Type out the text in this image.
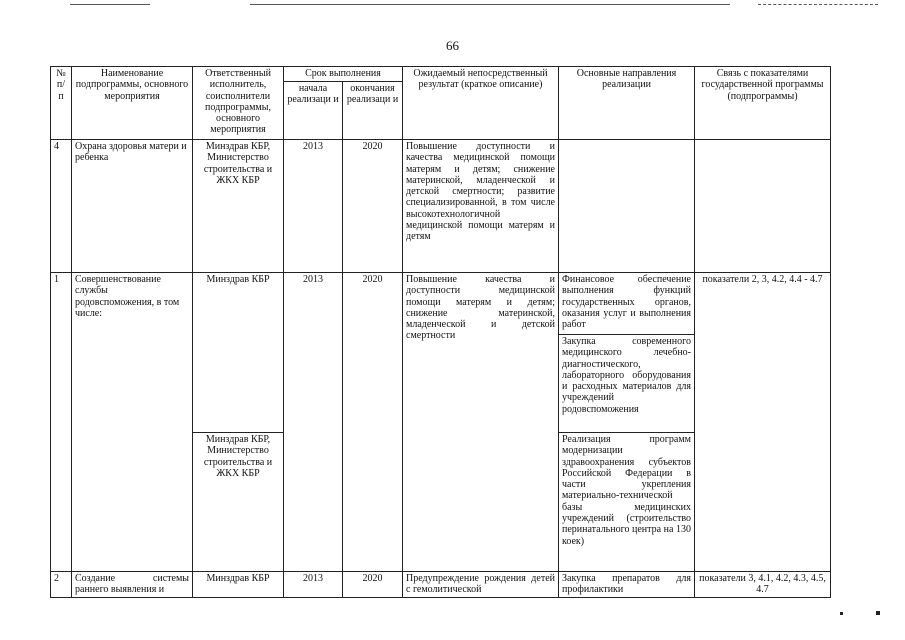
66
№ п/ п	Наименование подпрограммы, основного мероприятия	Ответственный исполнитель, соисполнители подпрограммы, основного мероприятия	Срок выполнения		Ожидаемый непосредственный результат (краткое описание)	Основные направления реализации	Связь с показателями государственной программы (подпрограммы)
			начала реализаци и	окончания реализаци и			
4	Охрана здоровья матери и ребенка	Минздрав КБР, Министерство строительства и ЖКХ КБР	2013	2020	Повышение доступности и качества медицинской помощи матерям и детям; снижение материнской, младенческой и детской смертности; развитие специализированной, в том числе высокотехнологичной медицинской помощи матерям и детям		
1	Совершенствование службы родовспоможения, в том числе:	Минздрав КБР	2013	2020	Повышение качества и доступности медицинской помощи матерям и детям; снижение материнской, младенческой и детской смертности	Финансовое обеспечение выполнения функций государственных органов, оказания услуг и выполнения работ	показатели 2, 3, 4.2, 4.4 - 4.7
						Закупка современного медицинского лечебно-диагностического, лабораторного оборудования и расходных материалов для учреждений родовспоможения	
		Минздрав КБР, Министерство строительства и ЖКХ КБР				Реализация программ модернизации здравоохранения субъектов Российской Федерации в части укрепления материально-технической базы медицинских учреждений (строительство перинатального центра на 130 коек)	
2	Создание системы раннего выявления и	Минздрав КБР	2013	2020	Предупреждение рождения детей с гемолитической	Закупка препаратов для профилактики	показатели 3, 4.1, 4.2, 4.3, 4.5, 4.7
